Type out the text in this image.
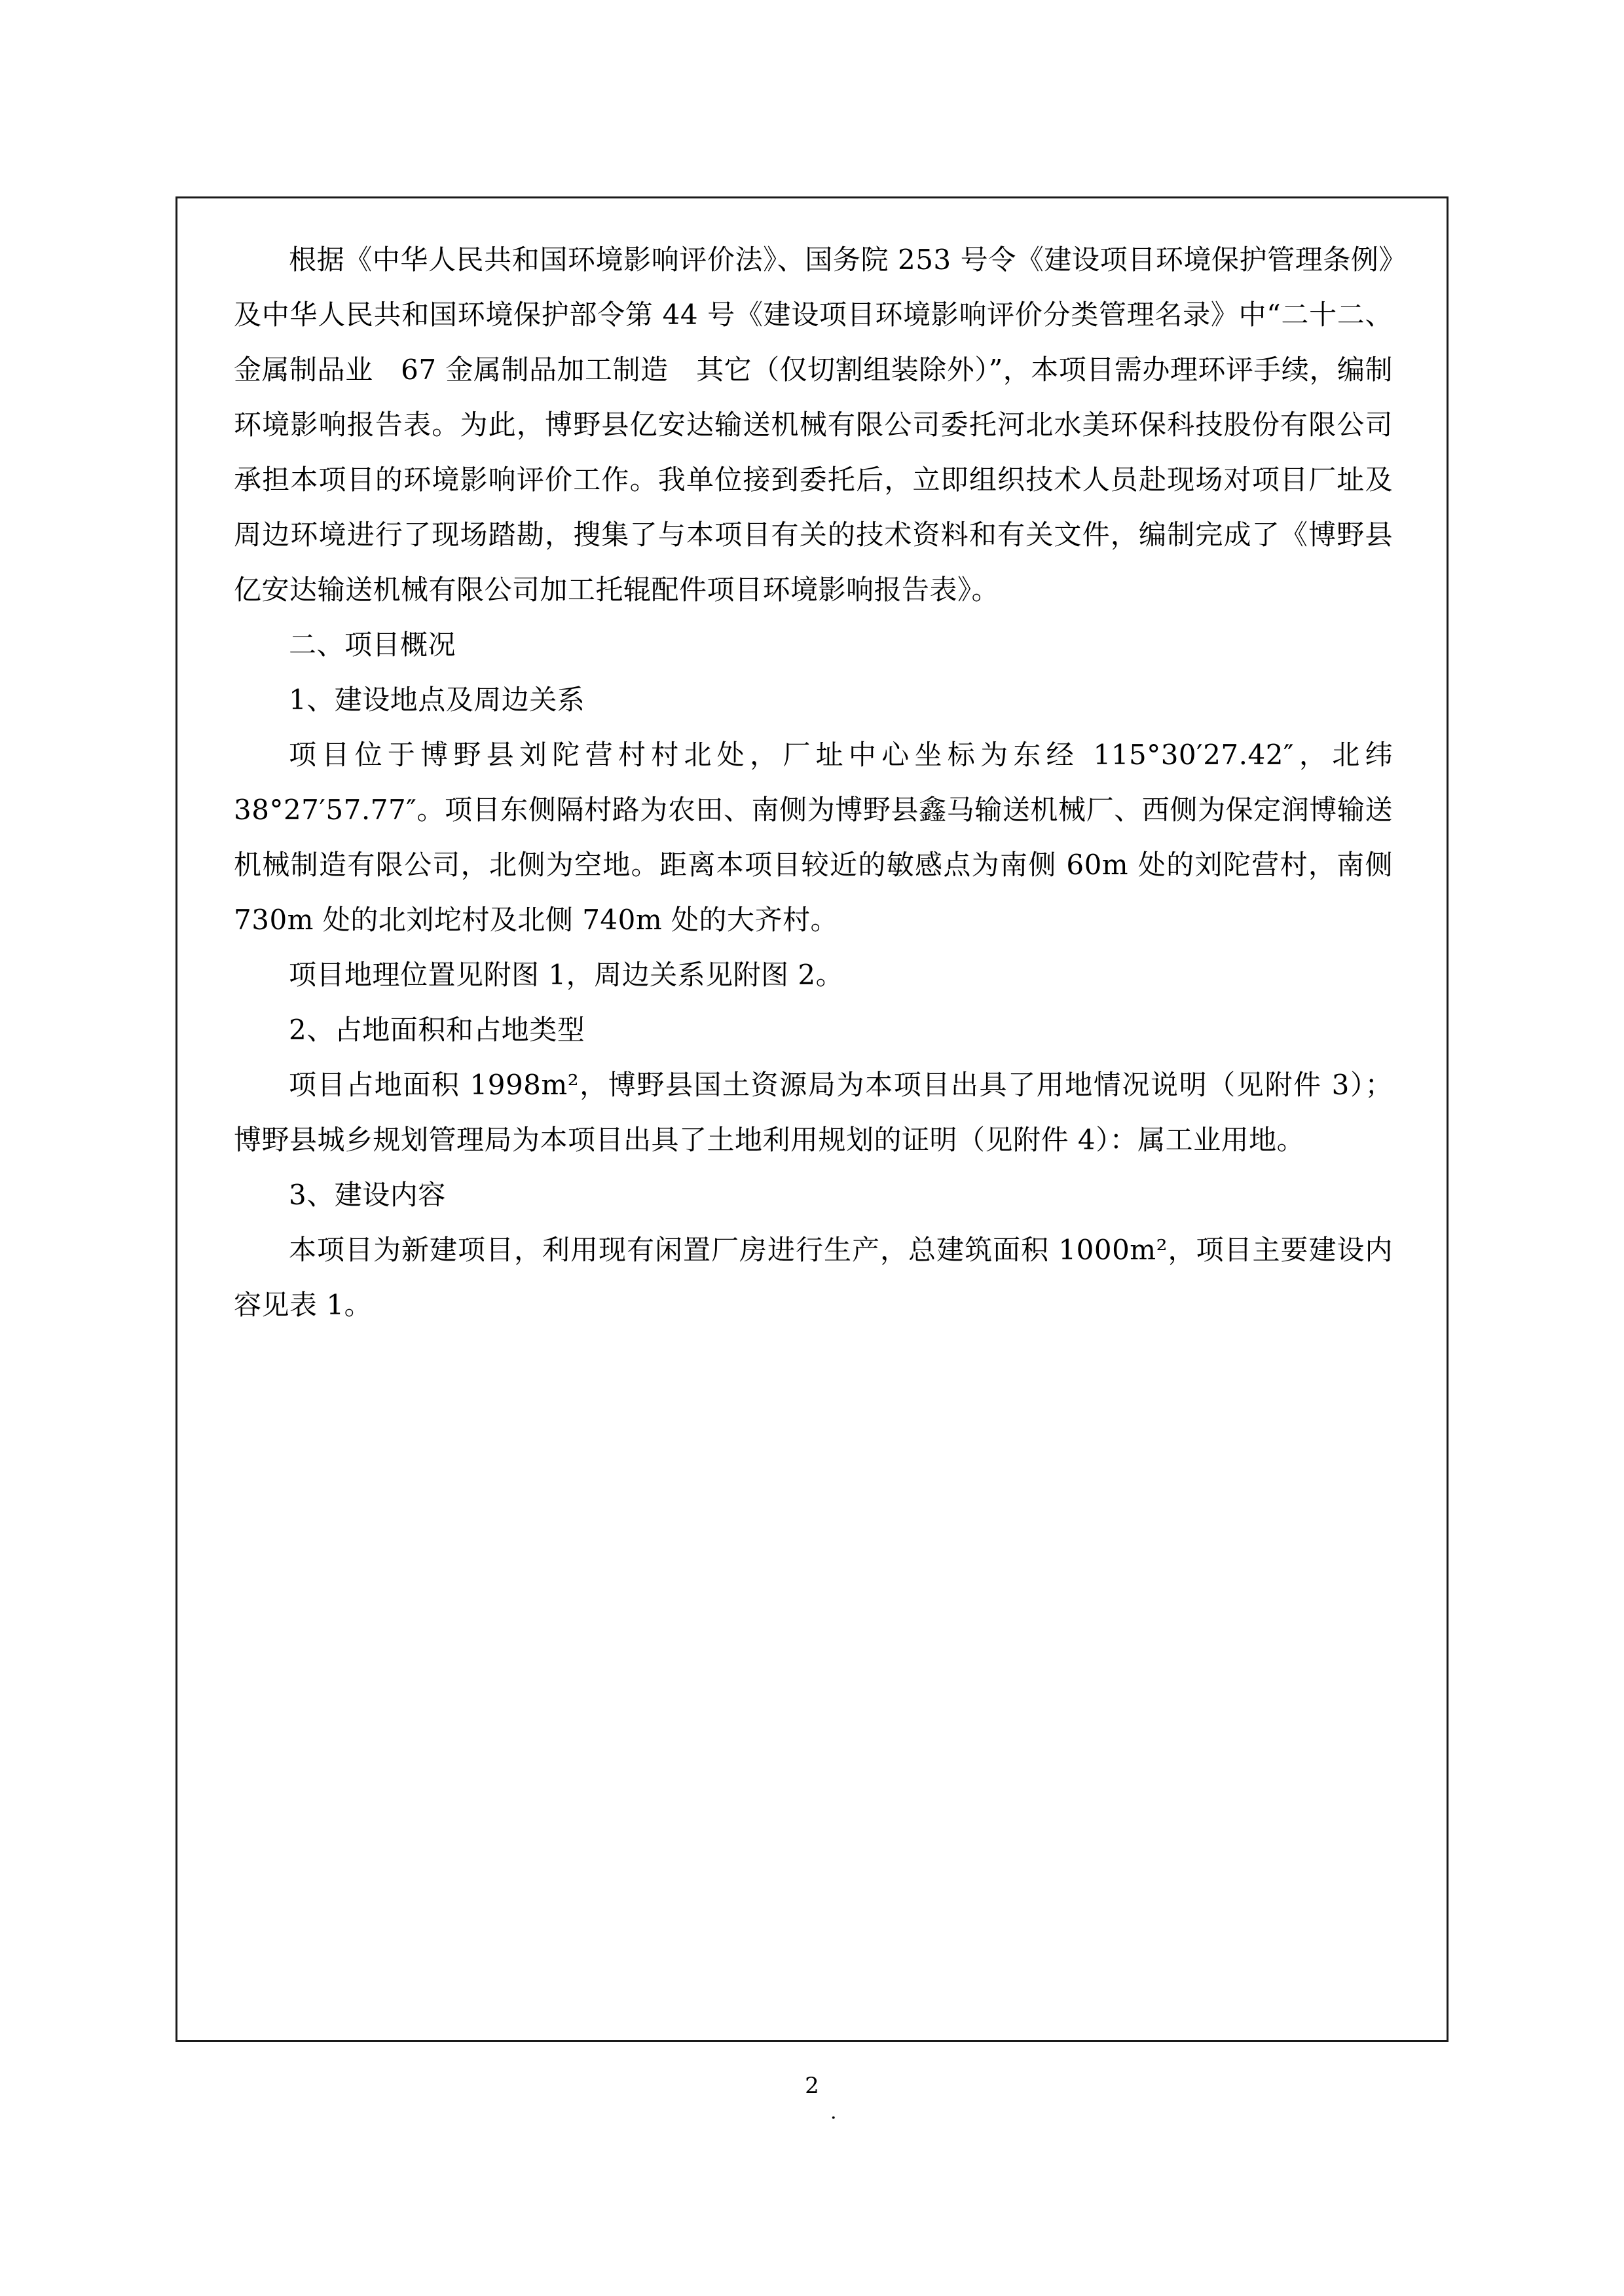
根据《中华人民共和国环境影响评价法》、国务院 253 号令《建设项目环境保护管理条例》及中华人民共和国环境保护部令第 44 号《建设项目环境影响评价分类管理名录》中“二十二、金属制品业　67 金属制品加工制造　其它（仅切割组装除外）”，本项目需办理环评手续，编制环境影响报告表。为此，博野县亿安达输送机械有限公司委托河北水美环保科技股份有限公司承担本项目的环境影响评价工作。我单位接到委托后，立即组织技术人员赴现场对项目厂址及周边环境进行了现场踏勘，搜集了与本项目有关的技术资料和有关文件，编制完成了《博野县亿安达输送机械有限公司加工托辊配件项目环境影响报告表》。

二、项目概况

1、建设地点及周边关系

项目位于博野县刘陀营村村北处，厂址中心坐标为东经 115°30′27.42″，北纬 38°27′57.77″。项目东侧隔村路为农田、南侧为博野县鑫马输送机械厂、西侧为保定润博输送机械制造有限公司，北侧为空地。距离本项目较近的敏感点为南侧 60m 处的刘陀营村，南侧 730m 处的北刘坨村及北侧 740m 处的大齐村。

项目地理位置见附图 1，周边关系见附图 2。

2、占地面积和占地类型

项目占地面积 1998m²，博野县国土资源局为本项目出具了用地情况说明（见附件 3）；博野县城乡规划管理局为本项目出具了土地利用规划的证明（见附件 4）：属工业用地。

3、建设内容

本项目为新建项目，利用现有闲置厂房进行生产，总建筑面积 1000m²，项目主要建设内容见表 1。

2
.
